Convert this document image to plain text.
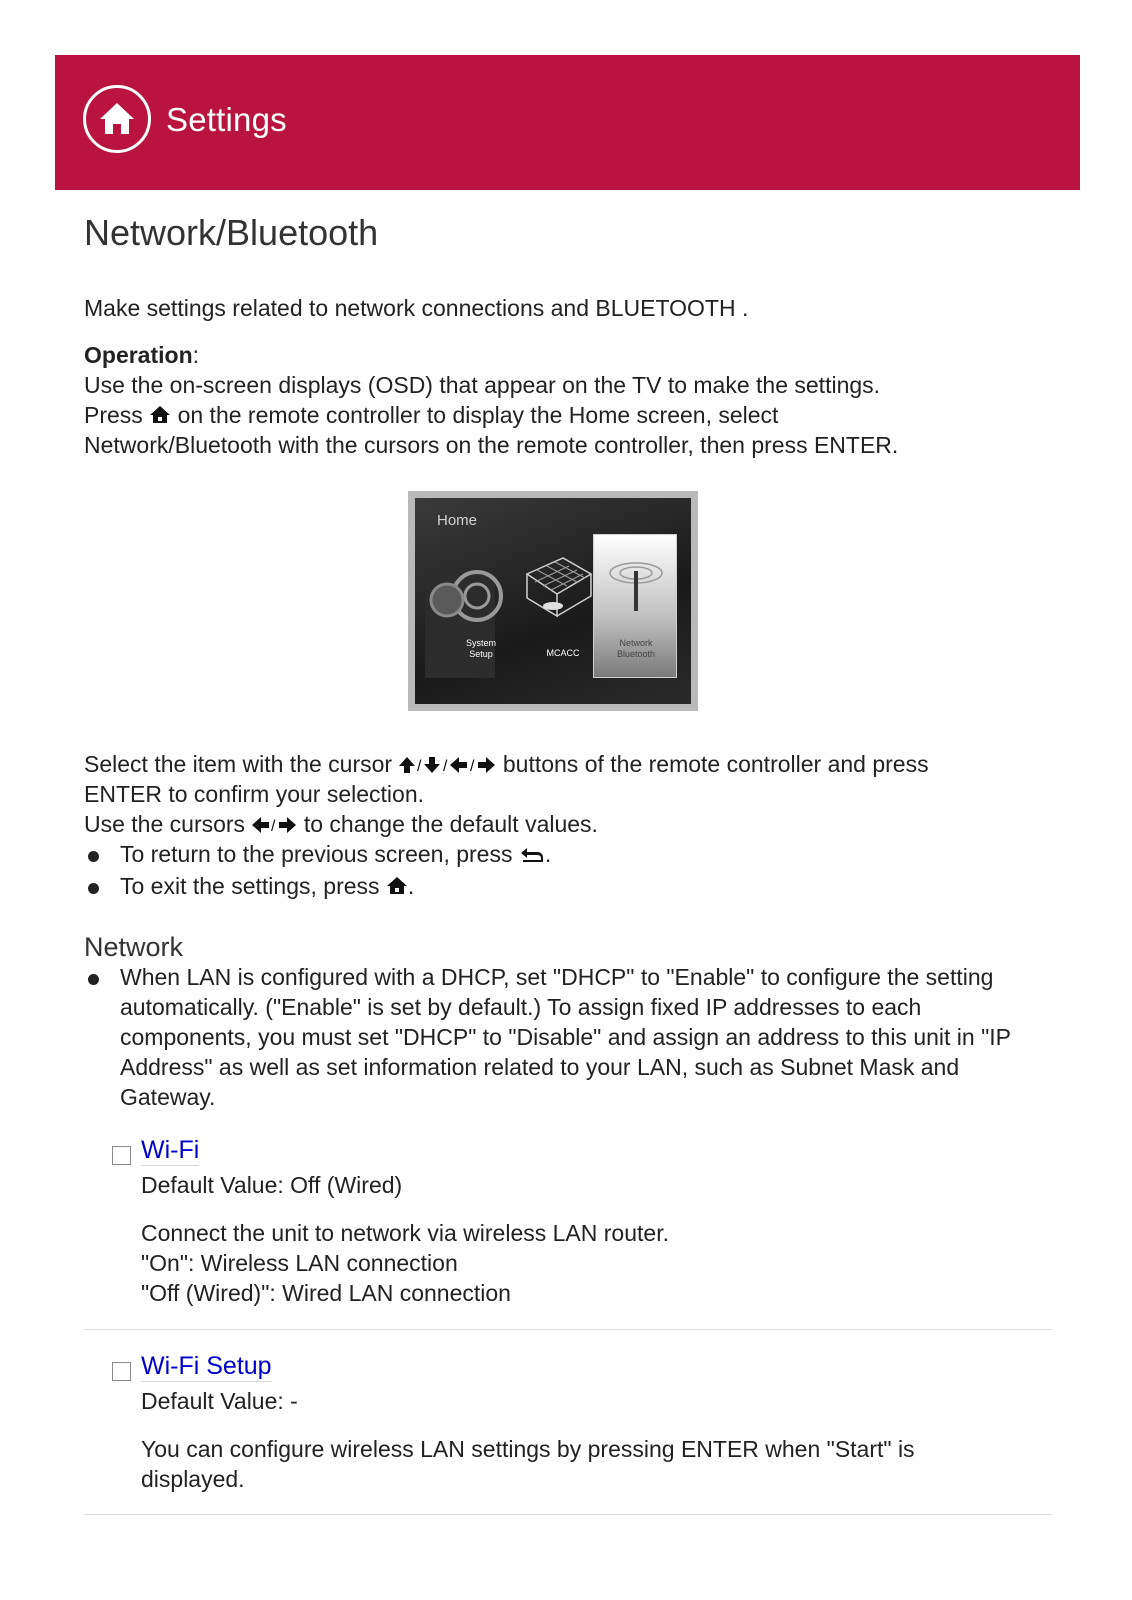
Settings
Network/Bluetooth

Make settings related to network connections and BLUETOOTH .

Operation:

Use the on-screen displays (OSD) that appear on the TV to make the settings.

Press on the remote controller to display the Home screen, select

Network/Bluetooth with the cursors on the remote controller, then press ENTER.

Home
System
Setup	MCACC
Network
Bluetooth

Select the item with the cursor / / / buttons of the remote controller and press

ENTER to confirm your selection.

Use the cursors / to change the default values.

To return to the previous screen, press .
To exit the settings, press .
Network
When LAN is configured with a DHCP, set "DHCP" to "Enable" to configure the setting automatically. ("Enable" is set by default.) To assign fixed IP addresses to each components, you must set "DHCP" to "Disable" and assign an address to this unit in "IP Address" as well as set information related to your LAN, such as Subnet Mask and Gateway.
Wi-Fi

Default Value: Off (Wired)

Connect the unit to network via wireless LAN router.

"On": Wireless LAN connection

"Off (Wired)": Wired LAN connection

Wi-Fi Setup

Default Value: -

You can configure wireless LAN settings by pressing ENTER when "Start" is

displayed.
